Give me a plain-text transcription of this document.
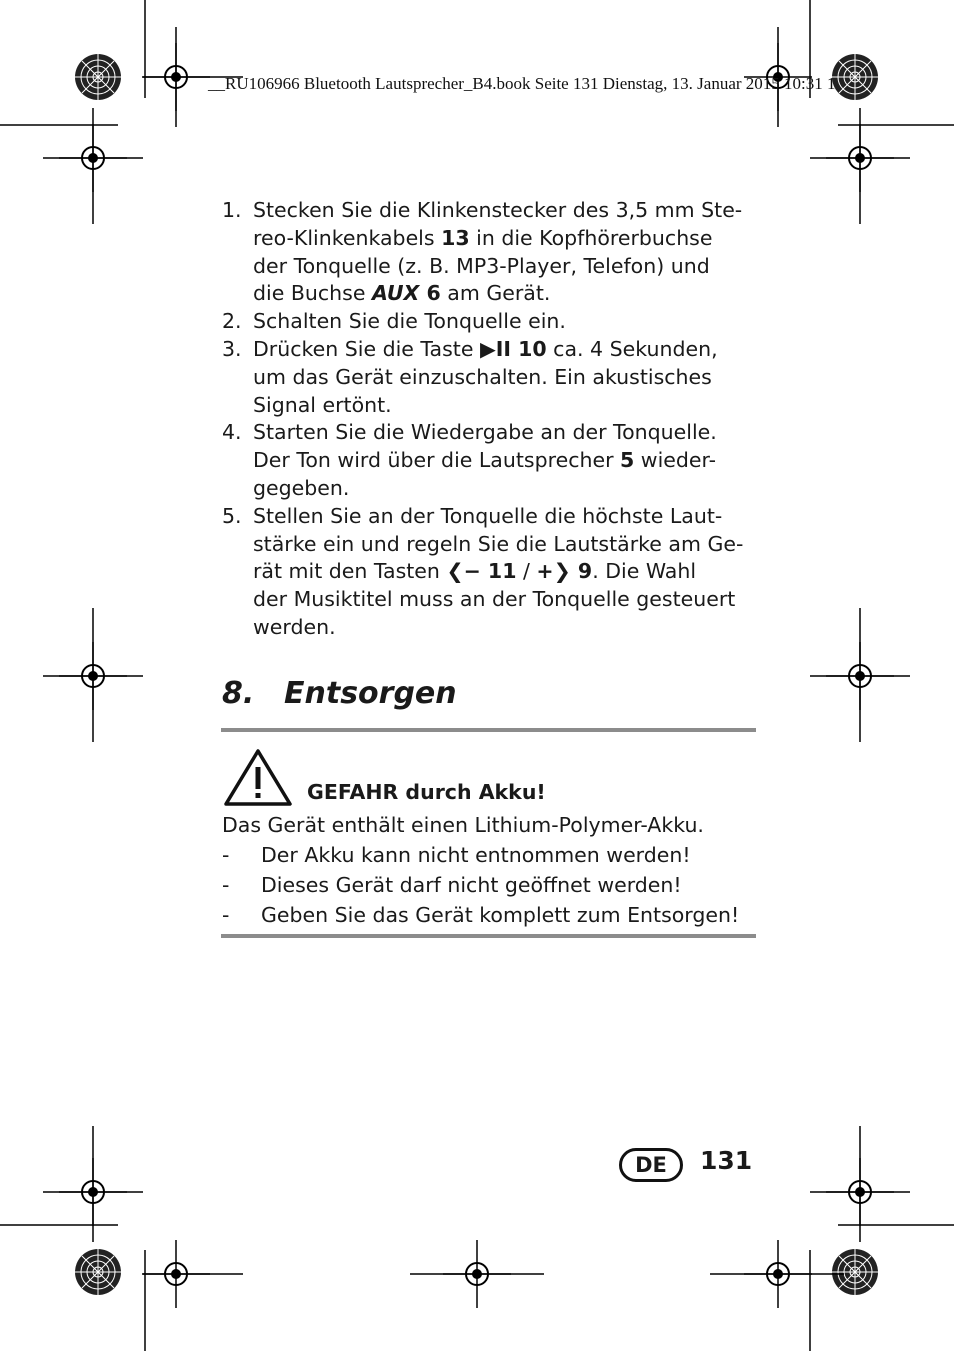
__RU106966 Bluetooth Lautsprecher_B4.book Seite 131 Dienstag, 13. Januar 2015 10:31 1
1. Stecken Sie die Klinkenstecker des 3,5 mm Ste-
reo-Klinkenkabels 13 in die Kopfhörerbuchse
der Tonquelle (z. B. MP3-Player, Telefon) und
die Buchse AUX 6 am Gerät.
2. Schalten Sie die Tonquelle ein.
3. Drücken Sie die Taste ▶II 10 ca. 4 Sekunden,
um das Gerät einzuschalten. Ein akustisches
Signal ertönt.
4. Starten Sie die Wiedergabe an der Tonquelle.
Der Ton wird über die Lautsprecher 5 wieder-
gegeben.
5. Stellen Sie an der Tonquelle die höchste Laut-
stärke ein und regeln Sie die Lautstärke am Ge-
rät mit den Tasten ❮− 11 / +❯ 9. Die Wahl
der Musiktitel muss an der Tonquelle gesteuert
werden.
8. Entsorgen
GEFAHR durch Akku!
Das Gerät enthält einen Lithium-Polymer-Akku.
- Der Akku kann nicht entnommen werden!
- Dieses Gerät darf nicht geöffnet werden!
- Geben Sie das Gerät komplett zum Entsorgen!
DE	131
